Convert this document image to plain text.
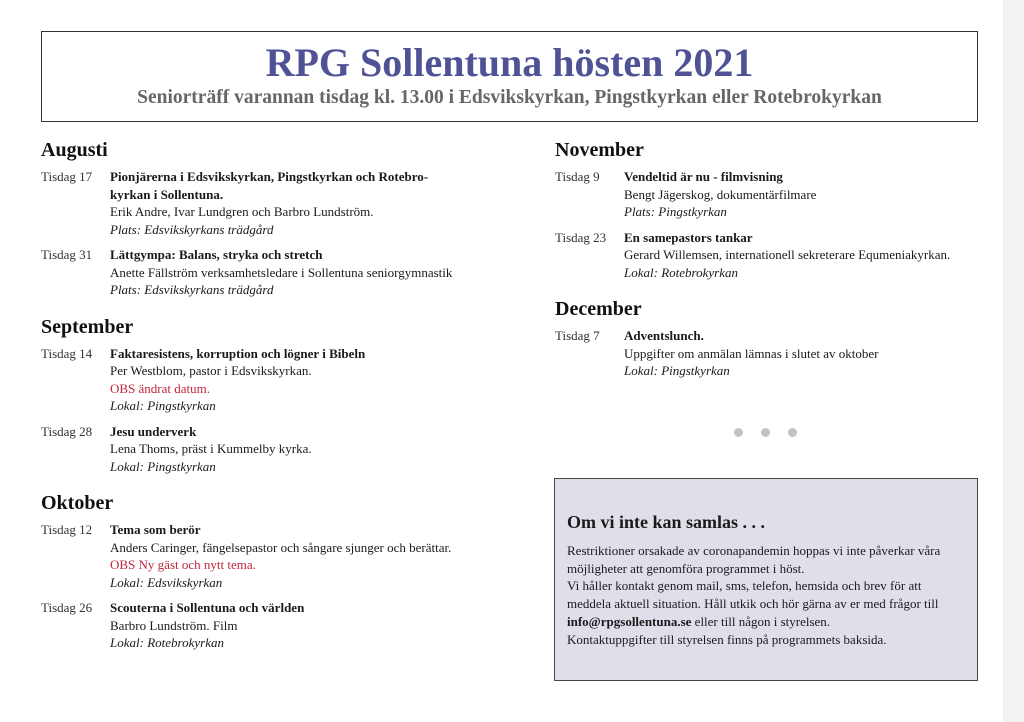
RPG Sollentuna hösten 2021
Seniorträff varannan tisdag kl. 13.00 i Edsvikskyrkan, Pingstkyrkan eller Rotebrokyrkan
Augusti
Tisdag 17	Pionjärerna i Edsvikskyrkan, Pingstkyrkan och Rotebro-
kyrkan i Sollentuna.
Erik Andre, Ivar Lundgren och Barbro Lundström.
Plats: Edsvikskyrkans trädgård
Tisdag 31	Lättgympa: Balans, stryka och stretch
Anette Fällström verksamhetsledare i Sollentuna seniorgymnastik
Plats: Edsvikskyrkans trädgård
September
Tisdag 14	Faktaresistens, korruption och lögner i Bibeln
Per Westblom, pastor i Edsvikskyrkan.
OBS ändrat datum.
Lokal: Pingstkyrkan
Tisdag 28	Jesu underverk
Lena Thoms, präst i Kummelby kyrka.
Lokal: Pingstkyrkan
Oktober
Tisdag 12	Tema som berör
Anders Caringer, fängelsepastor och sångare sjunger och berättar.
OBS Ny gäst och nytt tema.
Lokal: Edsvikskyrkan
Tisdag 26	Scouterna i Sollentuna och världen
Barbro Lundström. Film
Lokal: Rotebrokyrkan
November
Tisdag 9	Vendeltid är nu - filmvisning
Bengt Jägerskog, dokumentärfilmare
Plats: Pingstkyrkan
Tisdag 23	En samepastors tankar
Gerard Willemsen, internationell sekreterare Equmeniakyrkan.
Lokal: Rotebrokyrkan
December
Tisdag 7	Adventslunch.
Uppgifter om anmälan lämnas i slutet av oktober
Lokal: Pingstkyrkan
Om vi inte kan samlas . . .

Restriktioner orsakade av coronapandemin hoppas vi inte påverkar våra möjligheter att genomföra programmet i höst.

Vi håller kontakt genom mail, sms, telefon, hemsida och brev för att meddela aktuell situation. Håll utkik och hör gärna av er med frågor till info@rpgsollentuna.se eller till någon i styrelsen.

Kontaktuppgifter till styrelsen finns på programmets baksida.
